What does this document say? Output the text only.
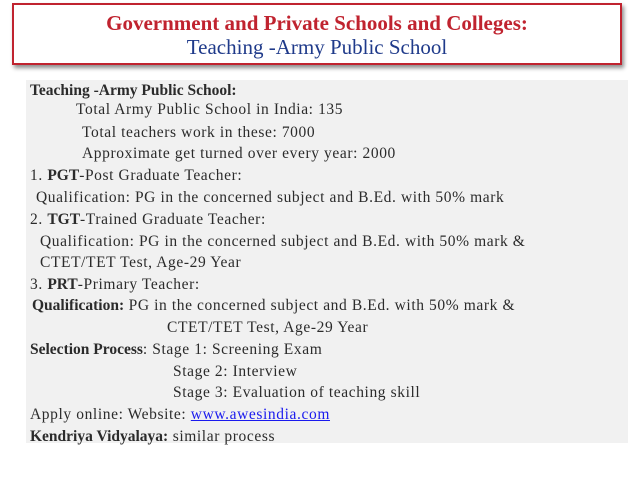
Government and Private Schools and Colleges:
Teaching -Army Public School
Teaching -Army Public School:
Total Army Public School in India: 135
Total teachers work in these: 7000
Approximate get turned over every year: 2000
1. PGT-Post Graduate Teacher:
Qualification: PG in the concerned subject and B.Ed. with 50% mark
2. TGT-Trained Graduate Teacher:
Qualification: PG in the concerned subject and B.Ed. with 50% mark &
CTET/TET Test, Age-29 Year
3. PRT-Primary Teacher:
Qualification: PG in the concerned subject and B.Ed. with 50% mark &
CTET/TET Test, Age-29 Year
Selection Process: Stage 1: Screening Exam
Stage 2: Interview
Stage 3: Evaluation of teaching skill
Apply online: Website: www.awesindia.com
Kendriya Vidyalaya: similar process
